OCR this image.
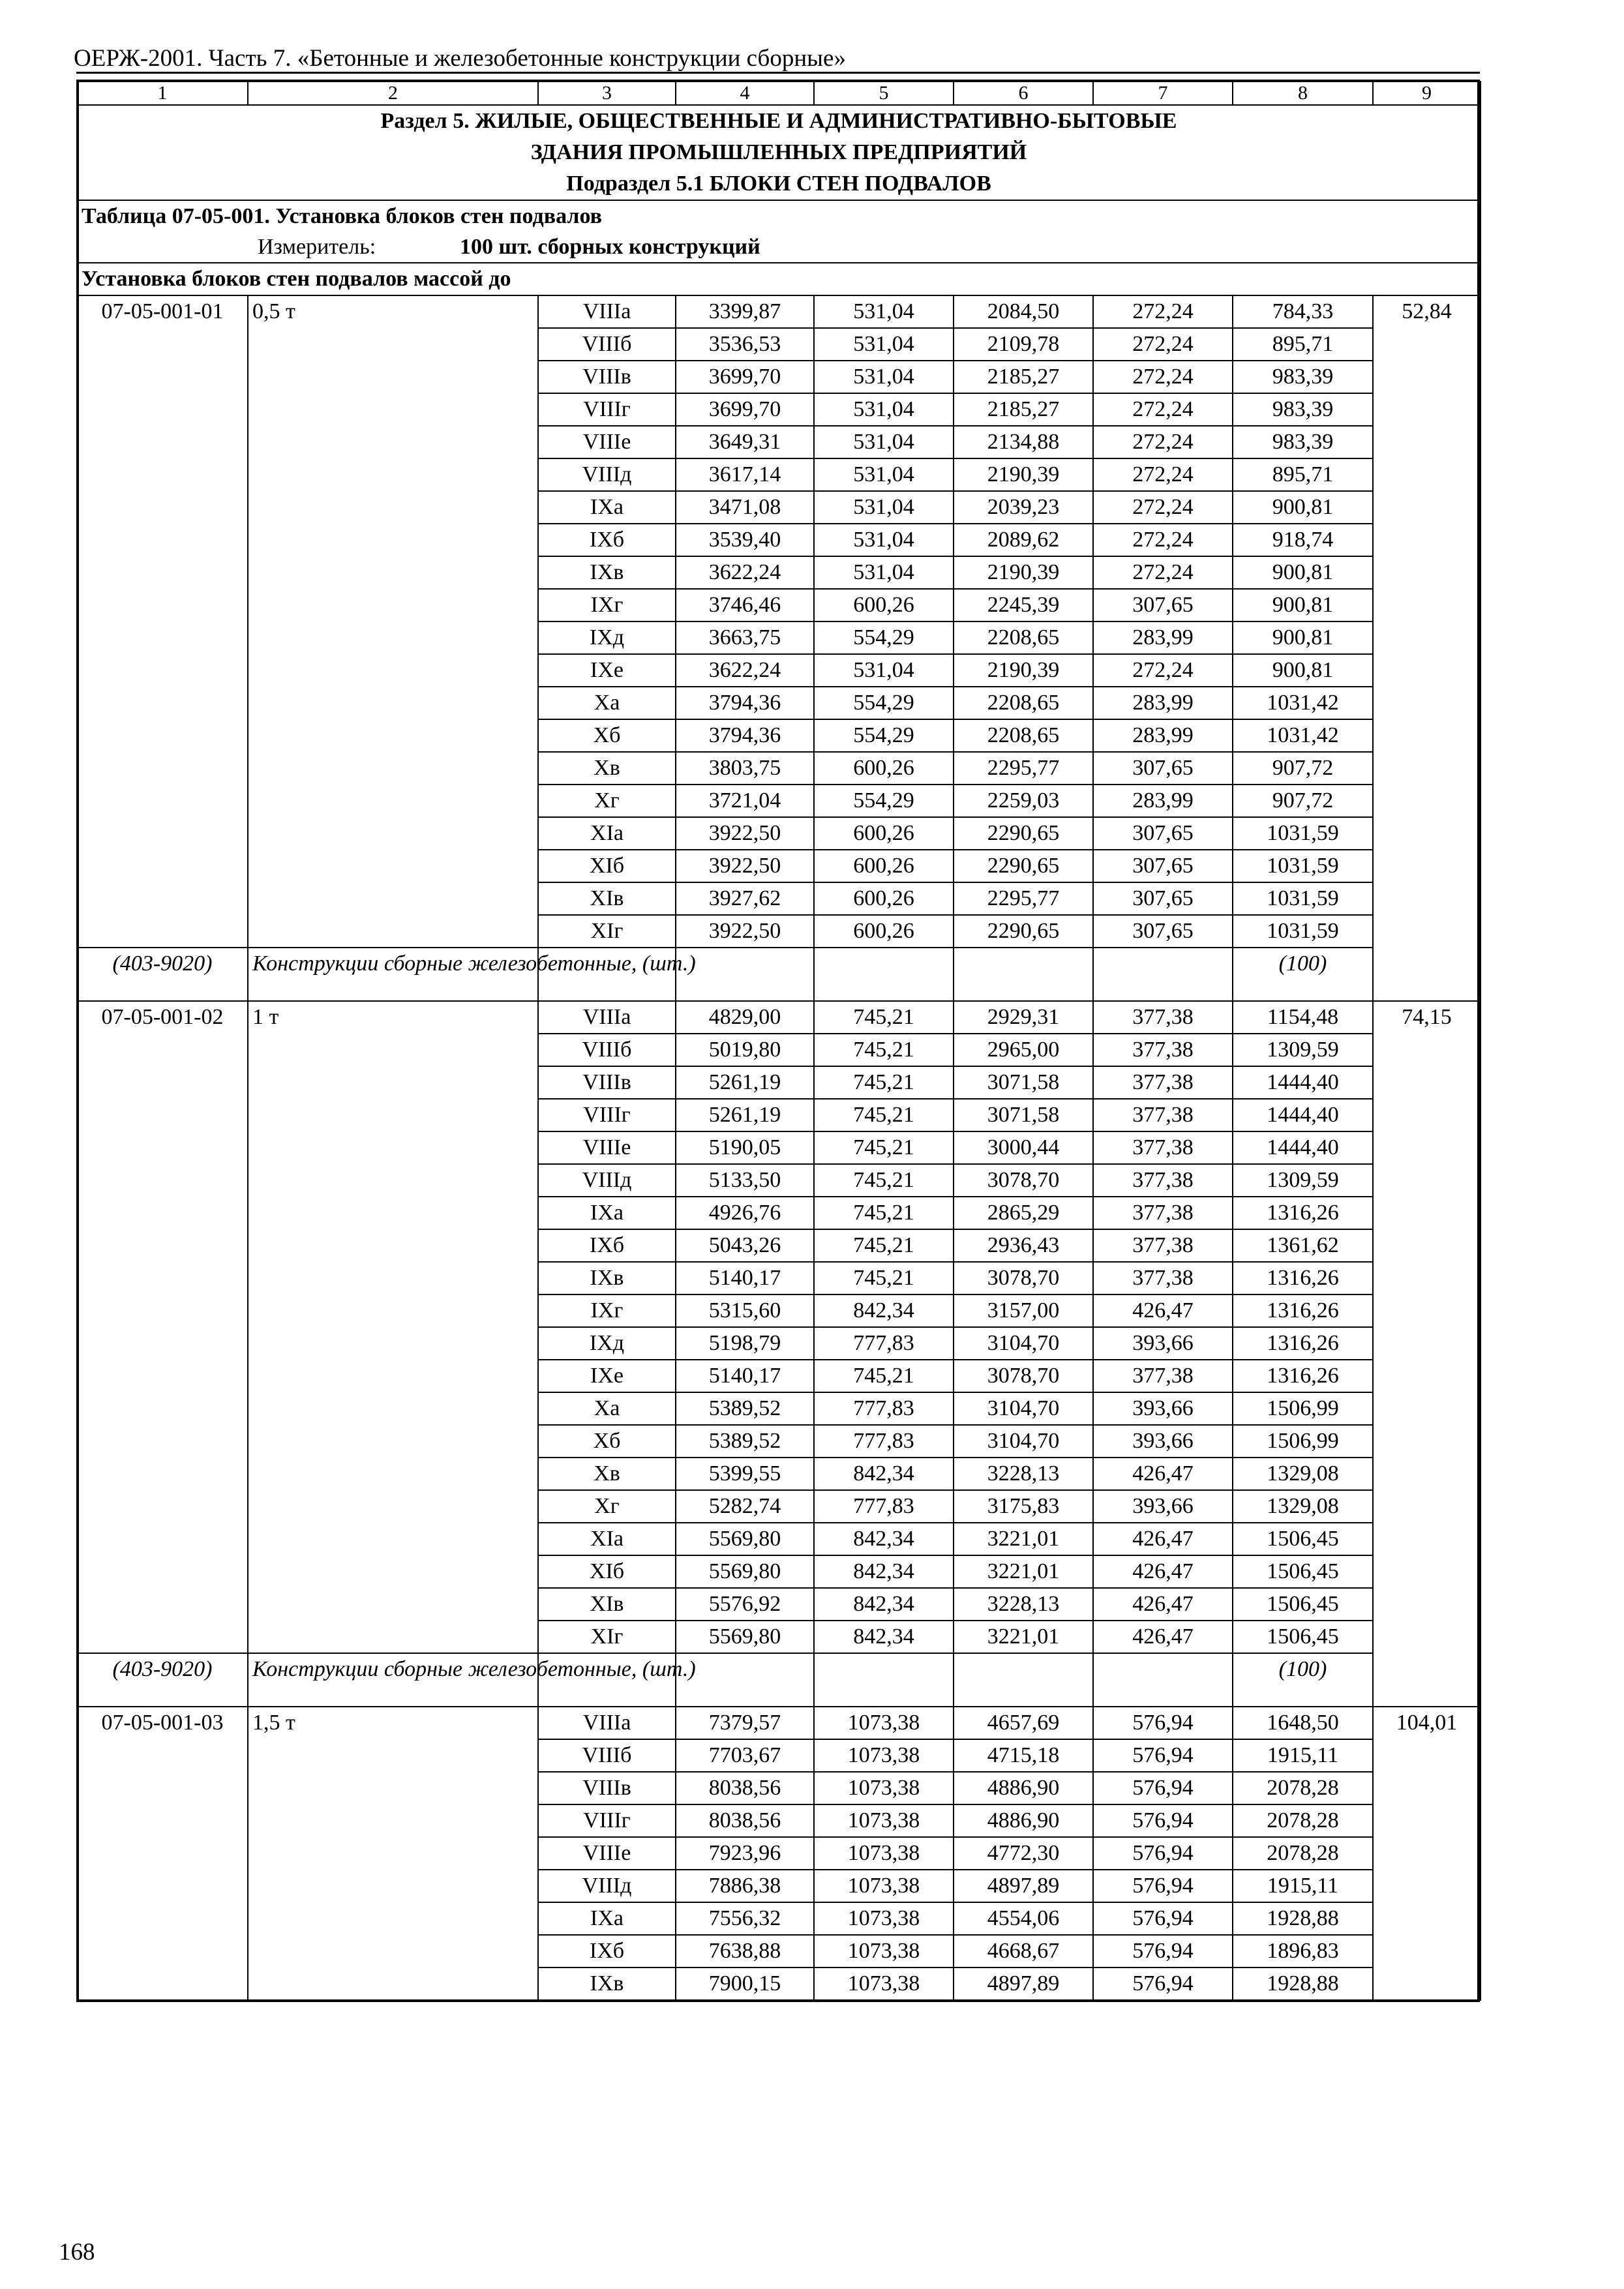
ОЕРЖ-2001. Часть 7. «Бетонные и железобетонные конструкции сборные»
1	2	3	4	5	6	7	8	9

Раздел 5. ЖИЛЫЕ, ОБЩЕСТВЕННЫЕ И АДМИНИСТРАТИВНО-БЫТОВЫЕ
ЗДАНИЯ ПРОМЫШЛЕННЫХ ПРЕДПРИЯТИЙ
Подраздел 5.1 БЛОКИ СТЕН ПОДВАЛОВ								

Таблица 07-05-001. Установка блоков стен подвалов
Измеритель: 100 шт. сборных конструкций								

Установка блоков стен подвалов массой до								
07-05-001-01	0,5 т	VIIIа	3399,87	531,04	2084,50	272,24	784,33	52,84
		VIIIб	3536,53	531,04	2109,78	272,24	895,71	
		VIIIв	3699,70	531,04	2185,27	272,24	983,39	
		VIIIг	3699,70	531,04	2185,27	272,24	983,39	
		VIIIе	3649,31	531,04	2134,88	272,24	983,39	
		VIIIд	3617,14	531,04	2190,39	272,24	895,71	
		IXа	3471,08	531,04	2039,23	272,24	900,81	
		IXб	3539,40	531,04	2089,62	272,24	918,74	
		IXв	3622,24	531,04	2190,39	272,24	900,81	
		IXг	3746,46	600,26	2245,39	307,65	900,81	
		IXд	3663,75	554,29	2208,65	283,99	900,81	
		IXе	3622,24	531,04	2190,39	272,24	900,81	
		Xа	3794,36	554,29	2208,65	283,99	1031,42	
		Xб	3794,36	554,29	2208,65	283,99	1031,42	
		Xв	3803,75	600,26	2295,77	307,65	907,72	
		Xг	3721,04	554,29	2259,03	283,99	907,72	
		XIа	3922,50	600,26	2290,65	307,65	1031,59	
		XIб	3922,50	600,26	2290,65	307,65	1031,59	
		XIв	3927,62	600,26	2295,77	307,65	1031,59	
		XIг	3922,50	600,26	2290,65	307,65	1031,59	
(403-9020)	Конструкции сборные железобетонные, (шт.)						(100)	
07-05-001-02	1 т	VIIIа	4829,00	745,21	2929,31	377,38	1154,48	74,15
		VIIIб	5019,80	745,21	2965,00	377,38	1309,59	
		VIIIв	5261,19	745,21	3071,58	377,38	1444,40	
		VIIIг	5261,19	745,21	3071,58	377,38	1444,40	
		VIIIе	5190,05	745,21	3000,44	377,38	1444,40	
		VIIIд	5133,50	745,21	3078,70	377,38	1309,59	
		IXа	4926,76	745,21	2865,29	377,38	1316,26	
		IXб	5043,26	745,21	2936,43	377,38	1361,62	
		IXв	5140,17	745,21	3078,70	377,38	1316,26	
		IXг	5315,60	842,34	3157,00	426,47	1316,26	
		IXд	5198,79	777,83	3104,70	393,66	1316,26	
		IXе	5140,17	745,21	3078,70	377,38	1316,26	
		Xа	5389,52	777,83	3104,70	393,66	1506,99	
		Xб	5389,52	777,83	3104,70	393,66	1506,99	
		Xв	5399,55	842,34	3228,13	426,47	1329,08	
		Xг	5282,74	777,83	3175,83	393,66	1329,08	
		XIа	5569,80	842,34	3221,01	426,47	1506,45	
		XIб	5569,80	842,34	3221,01	426,47	1506,45	
		XIв	5576,92	842,34	3228,13	426,47	1506,45	
		XIг	5569,80	842,34	3221,01	426,47	1506,45	
(403-9020)	Конструкции сборные железобетонные, (шт.)						(100)	
07-05-001-03	1,5 т	VIIIа	7379,57	1073,38	4657,69	576,94	1648,50	104,01
		VIIIб	7703,67	1073,38	4715,18	576,94	1915,11	
		VIIIв	8038,56	1073,38	4886,90	576,94	2078,28	
		VIIIг	8038,56	1073,38	4886,90	576,94	2078,28	
		VIIIе	7923,96	1073,38	4772,30	576,94	2078,28	
		VIIIд	7886,38	1073,38	4897,89	576,94	1915,11	
		IXа	7556,32	1073,38	4554,06	576,94	1928,88	
		IXб	7638,88	1073,38	4668,67	576,94	1896,83	
		IXв	7900,15	1073,38	4897,89	576,94	1928,88	
168
